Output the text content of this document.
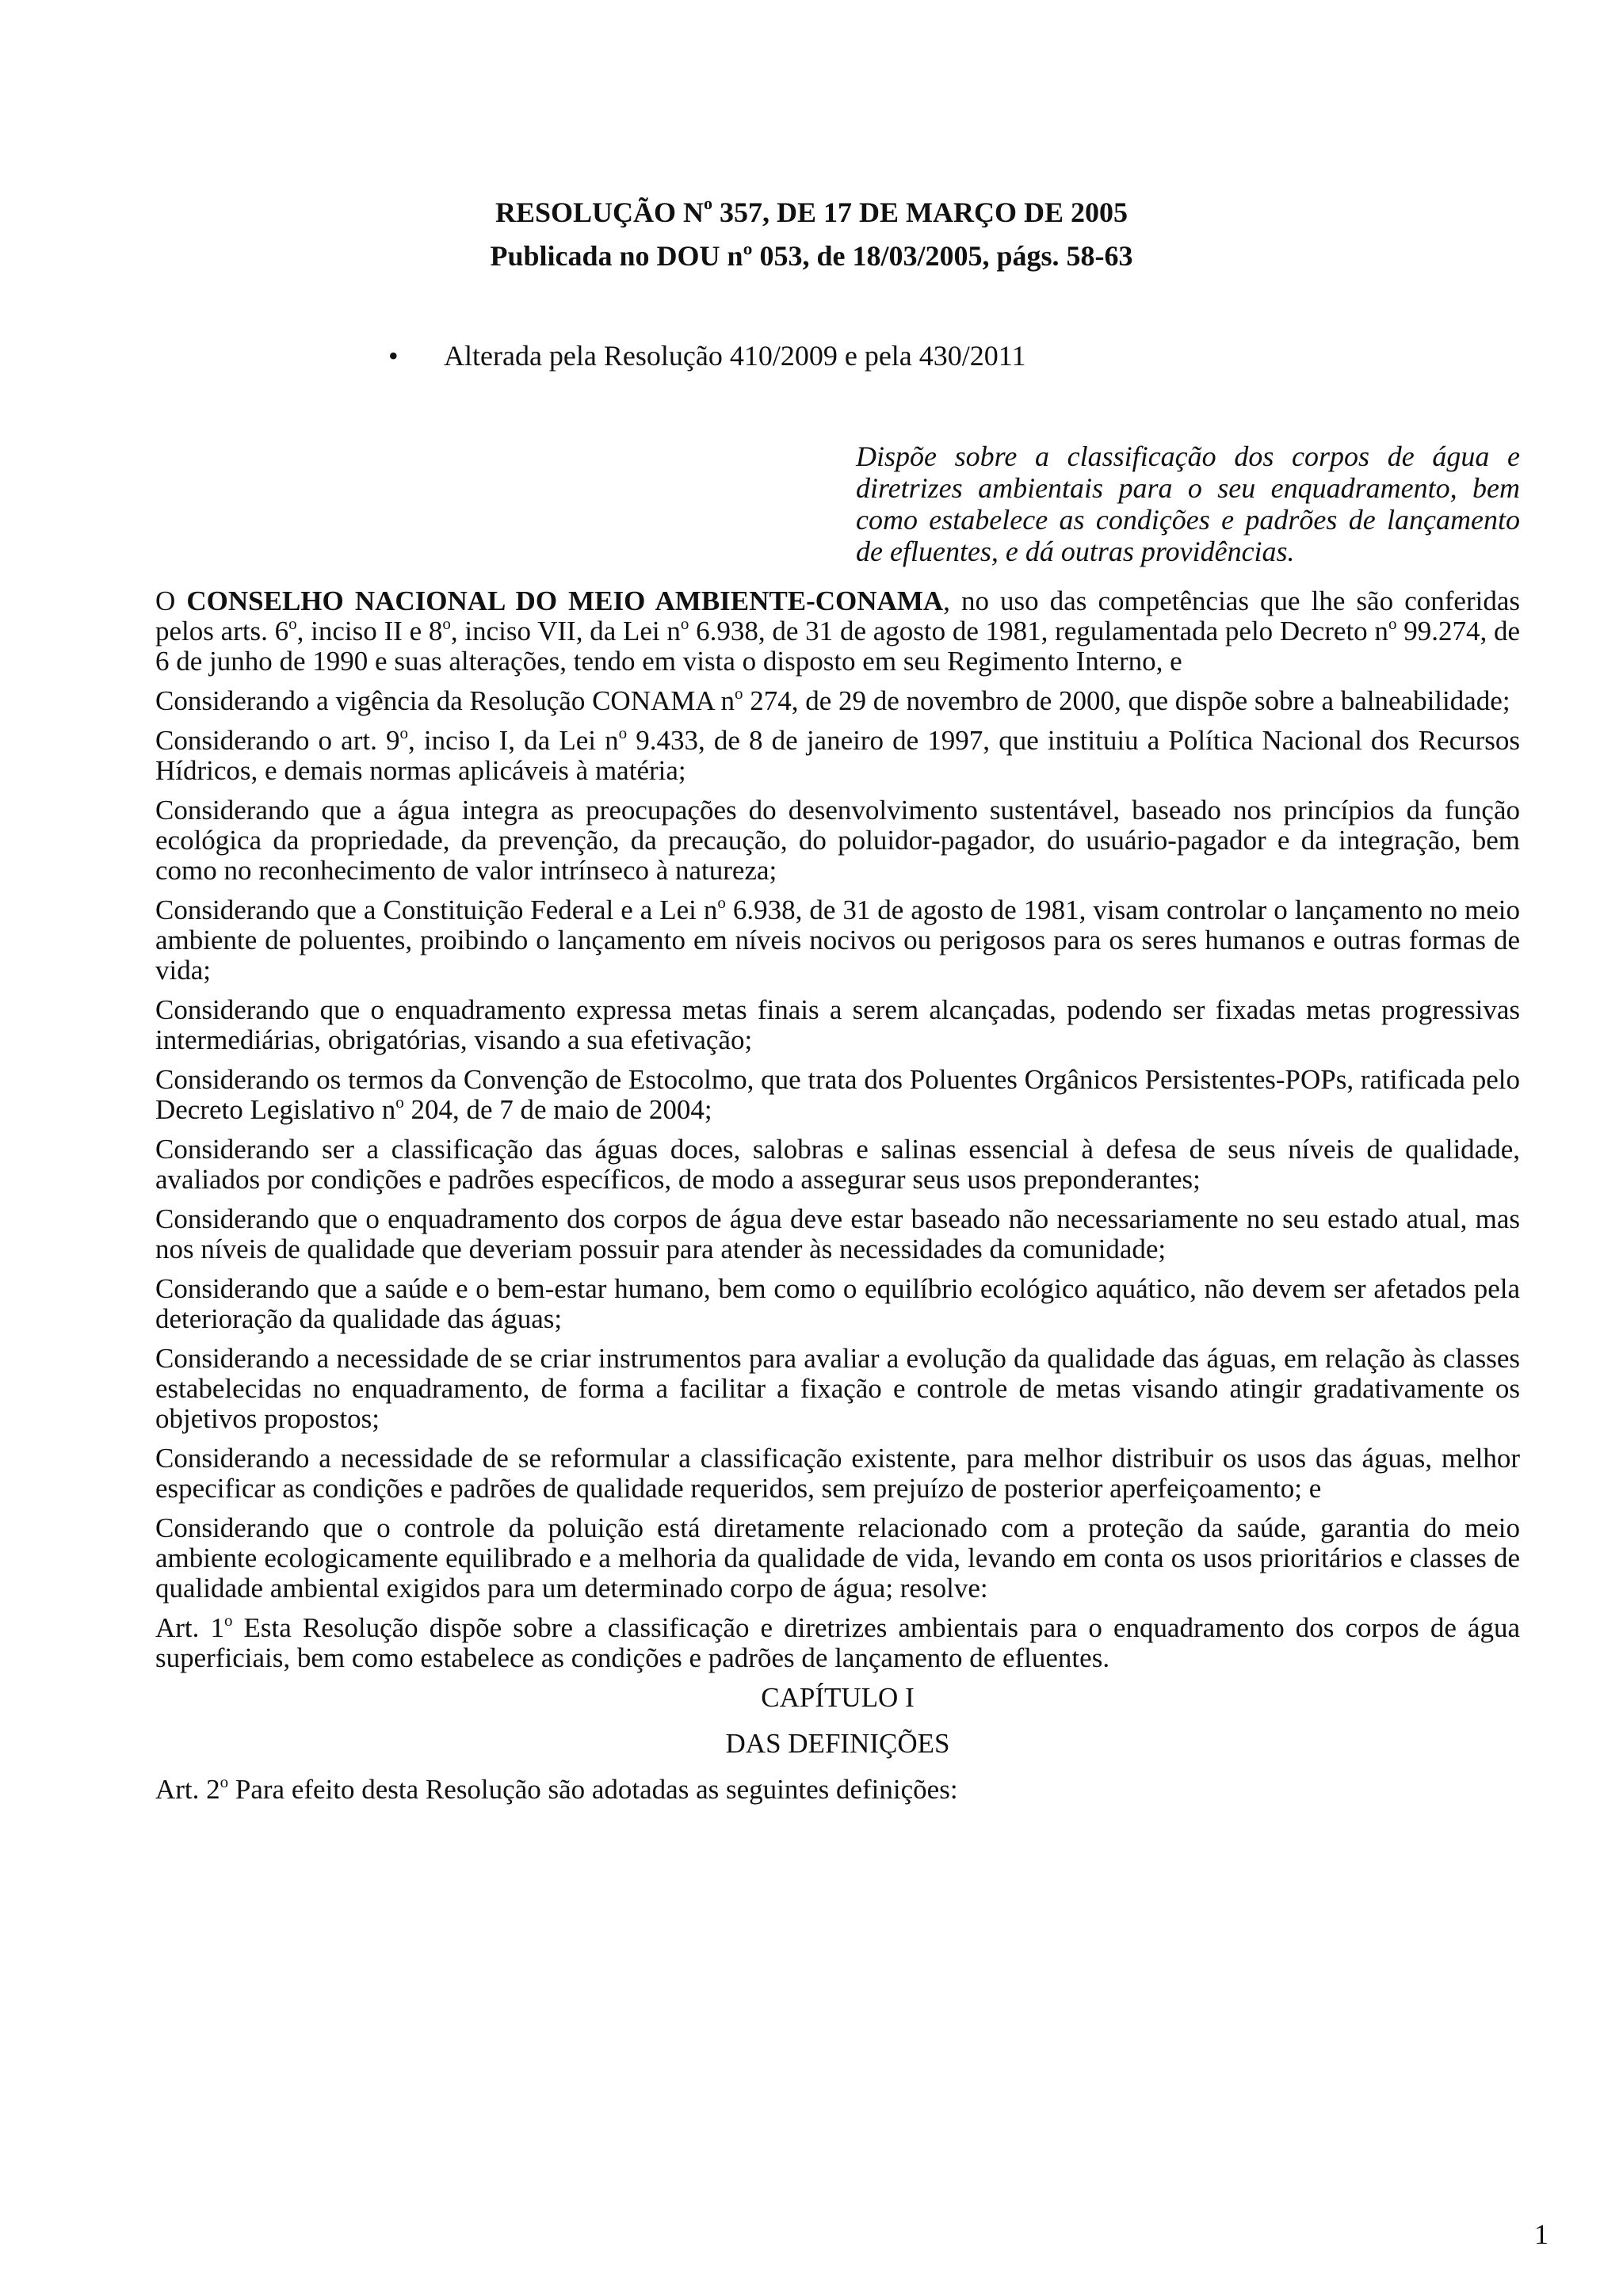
RESOLUÇÃO $N^o$ 357, DE 17 DE MARÇO DE 2005
Publicada no DOU nº 053, de 18/03/2005, págs. 58-63
• Alterada pela Resolução 410/2009 e pela 430/2011
Dispõe sobre a classificação dos corpos de água e diretrizes ambientais para o seu enquadramento, bem como estabelece as condições e padrões de lançamento de efluentes, e dá outras providências.

O CONSELHO NACIONAL DO MEIO AMBIENTE-CONAMA, no uso das competências que lhe são conferidas pelos arts. 6$^o$, inciso II e 8$^o$, inciso VII, da Lei $n^o$ 6.938, de 31 de agosto de 1981, regulamentada pelo Decreto $n^o$ 99.274, de 6 de junho de 1990 e suas alterações, tendo em vista o disposto em seu Regimento Interno, e

Considerando a vigência da Resolução CONAMA $n^o$ 274, de 29 de novembro de 2000, que dispõe sobre a balneabilidade;

Considerando o art. 9$^o$, inciso I, da Lei $n^o$ 9.433, de 8 de janeiro de 1997, que instituiu a Política Nacional dos Recursos Hídricos, e demais normas aplicáveis à matéria;

Considerando que a água integra as preocupações do desenvolvimento sustentável, baseado nos princípios da função ecológica da propriedade, da prevenção, da precaução, do poluidor-pagador, do usuário-pagador e da integração, bem como no reconhecimento de valor intrínseco à natureza;

Considerando que a Constituição Federal e a Lei $n^o$ 6.938, de 31 de agosto de 1981, visam controlar o lançamento no meio ambiente de poluentes, proibindo o lançamento em níveis nocivos ou perigosos para os seres humanos e outras formas de vida;

Considerando que o enquadramento expressa metas finais a serem alcançadas, podendo ser fixadas metas progressivas intermediárias, obrigatórias, visando a sua efetivação;

Considerando os termos da Convenção de Estocolmo, que trata dos Poluentes Orgânicos Persistentes-POPs, ratificada pelo Decreto Legislativo $n^o$ 204, de 7 de maio de 2004;

Considerando ser a classificação das águas doces, salobras e salinas essencial à defesa de seus níveis de qualidade, avaliados por condições e padrões específicos, de modo a assegurar seus usos preponderantes;

Considerando que o enquadramento dos corpos de água deve estar baseado não necessariamente no seu estado atual, mas nos níveis de qualidade que deveriam possuir para atender às necessidades da comunidade;

Considerando que a saúde e o bem-estar humano, bem como o equilíbrio ecológico aquático, não devem ser afetados pela deterioração da qualidade das águas;

Considerando a necessidade de se criar instrumentos para avaliar a evolução da qualidade das águas, em relação às classes estabelecidas no enquadramento, de forma a facilitar a fixação e controle de metas visando atingir gradativamente os objetivos propostos;

Considerando a necessidade de se reformular a classificação existente, para melhor distribuir os usos das águas, melhor especificar as condições e padrões de qualidade requeridos, sem prejuízo de posterior aperfeiçoamento; e

Considerando que o controle da poluição está diretamente relacionado com a proteção da saúde, garantia do meio ambiente ecologicamente equilibrado e a melhoria da qualidade de vida, levando em conta os usos prioritários e classes de qualidade ambiental exigidos para um determinado corpo de água; resolve:

Art. 1$^o$ Esta Resolução dispõe sobre a classificação e diretrizes ambientais para o enquadramento dos corpos de água superficiais, bem como estabelece as condições e padrões de lançamento de efluentes.

CAPÍTULO I
DAS DEFINIÇÕES

Art. 2$^o$ Para efeito desta Resolução são adotadas as seguintes definições:

1
